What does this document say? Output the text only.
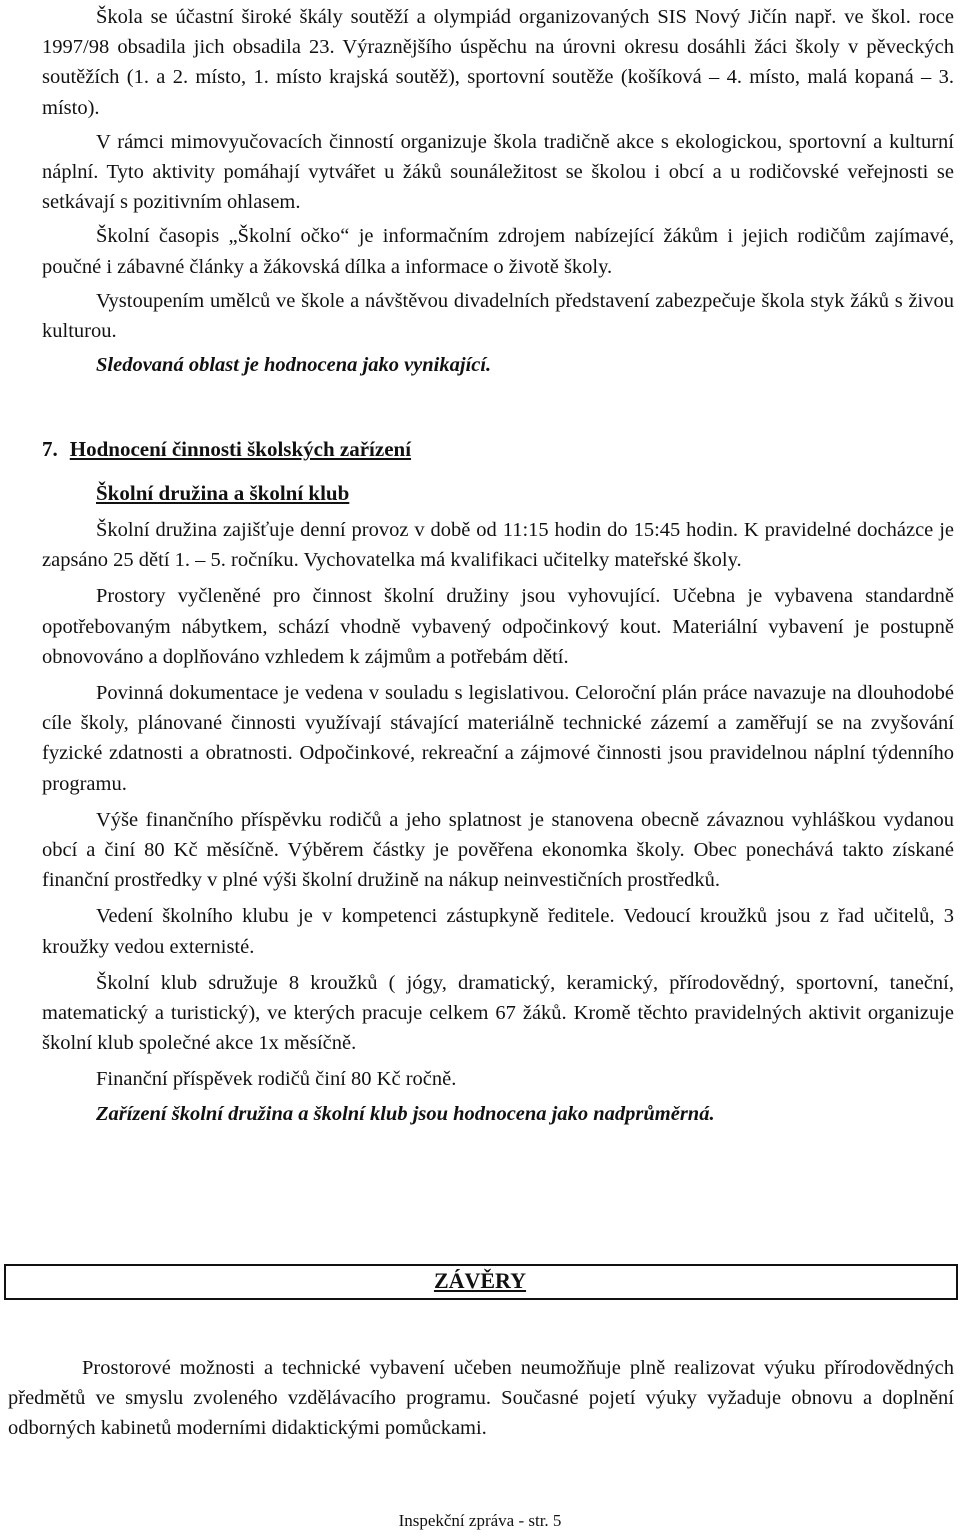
Škola se účastní široké škály soutěží a olympiád organizovaných SIS Nový Jičín např. ve škol. roce 1997/98 obsadila jich obsadila 23. Výraznějšího úspěchu na úrovni okresu dosáhli žáci školy v pěveckých soutěžích (1. a 2. místo, 1. místo krajská soutěž), sportovní soutěže (košíková – 4. místo, malá kopaná – 3. místo).

V rámci mimovyučovacích činností organizuje škola tradičně akce s ekologickou, sportovní a kulturní náplní. Tyto aktivity pomáhají vytvářet u žáků sounáležitost se školou i obcí a u rodičovské veřejnosti se setkávají s pozitivním ohlasem.

Školní časopis „Školní očko“ je informačním zdrojem nabízející žákům i jejich rodičům zajímavé, poučné i zábavné články a žákovská dílka a informace o životě školy.

Vystoupením umělců ve škole a návštěvou divadelních představení zabezpečuje škola styk žáků s živou kulturou.

Sledovaná oblast je hodnocena jako vynikající.

7. Hodnocení činnosti školských zařízení
Školní družina a školní klub

Školní družina zajišťuje denní provoz v době od 11:15 hodin do 15:45 hodin. K pravidelné docházce je zapsáno 25 dětí 1. – 5. ročníku. Vychovatelka má kvalifikaci učitelky mateřské školy.

Prostory vyčleněné pro činnost školní družiny jsou vyhovující. Učebna je vybavena standardně opotřebovaným nábytkem, schází vhodně vybavený odpočinkový kout. Materiální vybavení je postupně obnovováno a doplňováno vzhledem k zájmům a potřebám dětí.

Povinná dokumentace je vedena v souladu s legislativou. Celoroční plán práce navazuje na dlouhodobé cíle školy, plánované činnosti využívají stávající materiálně technické zázemí a zaměřují se na zvyšování fyzické zdatnosti a obratnosti. Odpočinkové, rekreační a zájmové činnosti jsou pravidelnou náplní týdenního programu.

Výše finančního příspěvku rodičů a jeho splatnost je stanovena obecně závaznou vyhláškou vydanou obcí a činí 80 Kč měsíčně. Výběrem částky je pověřena ekonomka školy. Obec ponechává takto získané finanční prostředky v plné výši školní družině na nákup neinvestičních prostředků.

Vedení školního klubu je v kompetenci zástupkyně ředitele. Vedoucí kroužků jsou z řad učitelů, 3 kroužky vedou externisté.

Školní klub sdružuje 8 kroužků ( jógy, dramatický, keramický, přírodovědný, sportovní, taneční, matematický a turistický), ve kterých pracuje celkem 67 žáků. Kromě těchto pravidelných aktivit organizuje školní klub společné akce 1x měsíčně.

Finanční příspěvek rodičů činí 80 Kč ročně.

Zařízení školní družina a školní klub jsou hodnocena jako nadprůměrná.

ZÁVĚRY

Prostorové možnosti a technické vybavení učeben neumožňuje plně realizovat výuku přírodovědných předmětů ve smyslu zvoleného vzdělávacího programu. Současné pojetí výuky vyžaduje obnovu a doplnění odborných kabinetů moderními didaktickými pomůckami.

Inspekční zpráva - str. 5
